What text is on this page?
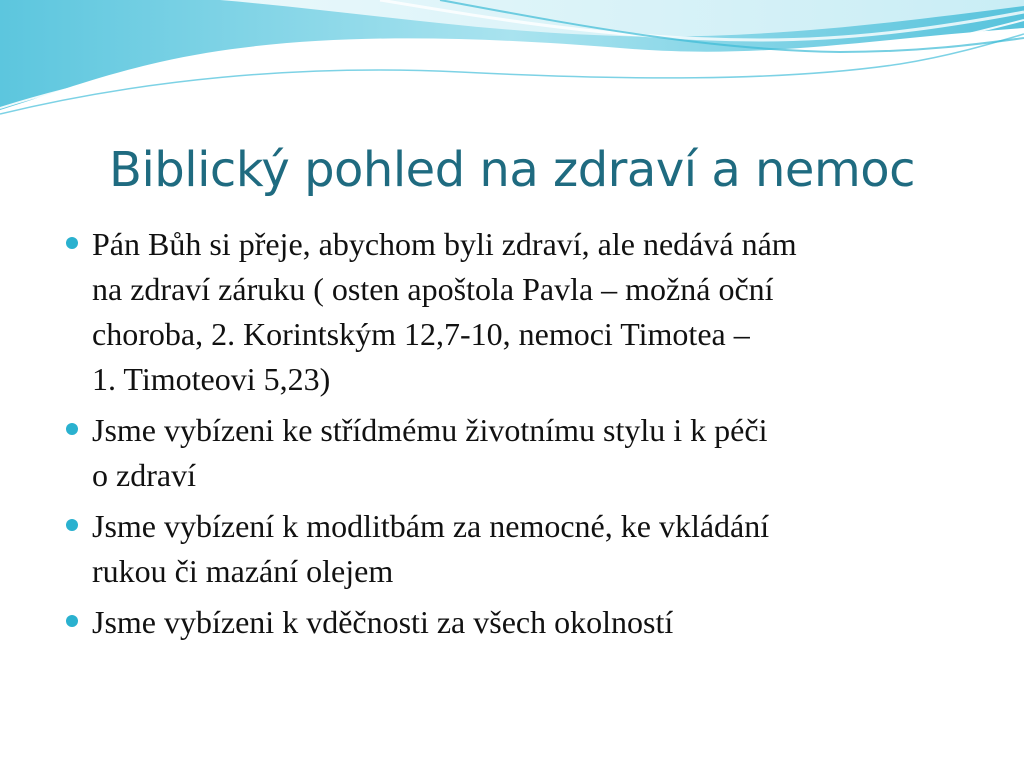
Biblický pohled na zdraví a nemoc
Pán Bůh si přeje, abychom byli zdraví, ale nedává nám
na zdraví záruku ( osten apoštola Pavla – možná oční
choroba, 2. Korintským 12,7-10, nemoci Timotea –
1. Timoteovi 5,23)
Jsme vybízeni ke střídmému životnímu stylu i k péči
o zdraví
Jsme vybízení k modlitbám za nemocné, ke vkládání
rukou či mazání olejem
Jsme vybízeni k vděčnosti za všech okolností
